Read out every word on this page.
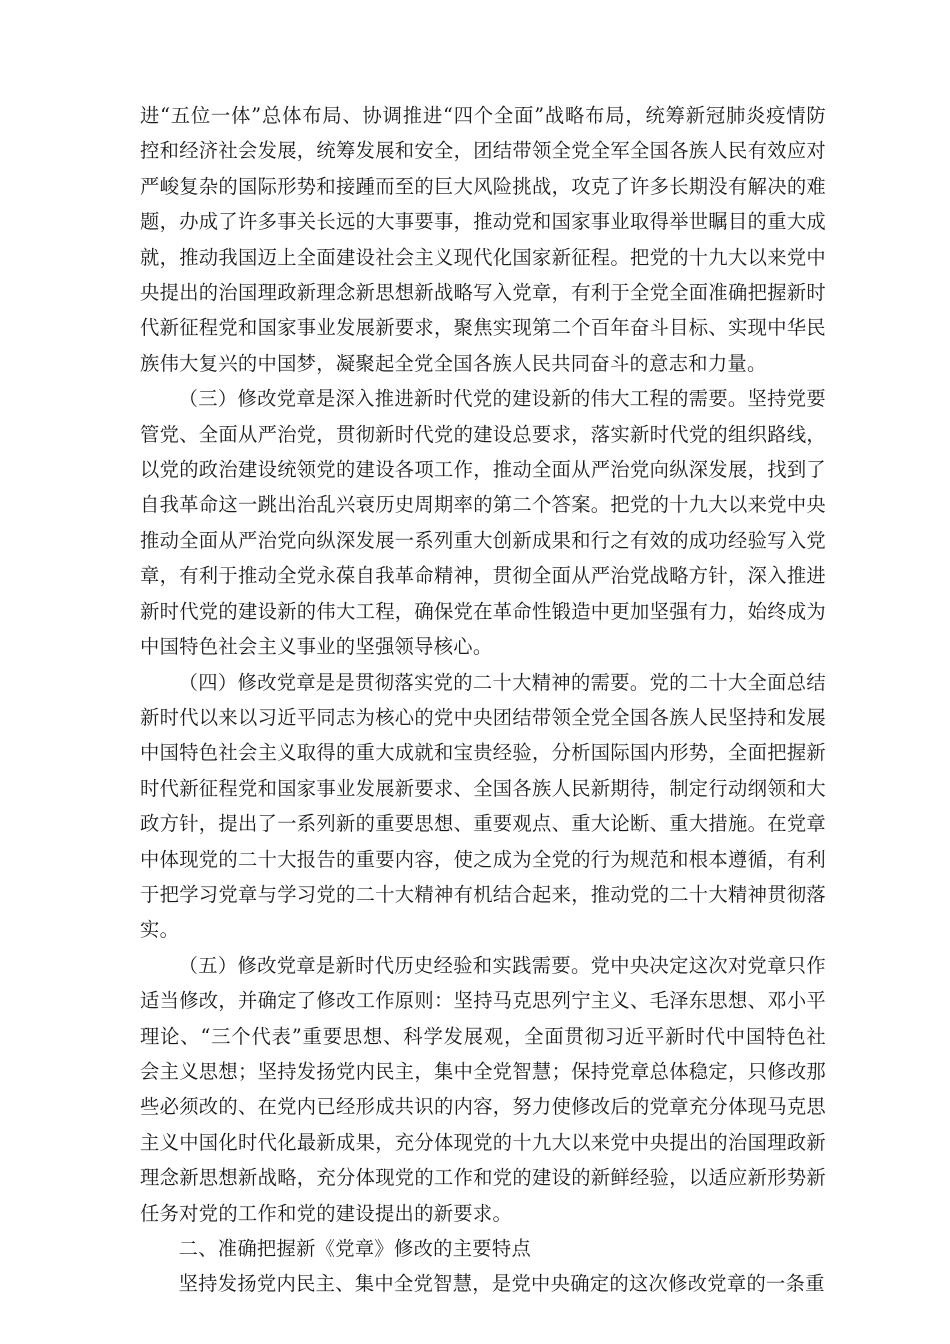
进“五位一体”总体布局、协调推进“四个全面”战略布局，统筹新冠肺炎疫情防控和经济社会发展，统筹发展和安全，团结带领全党全军全国各族人民有效应对严峻复杂的国际形势和接踵而至的巨大风险挑战，攻克了许多长期没有解决的难题，办成了许多事关长远的大事要事，推动党和国家事业取得举世瞩目的重大成就，推动我国迈上全面建设社会主义现代化国家新征程。把党的十九大以来党中央提出的治国理政新理念新思想新战略写入党章，有利于全党全面准确把握新时代新征程党和国家事业发展新要求，聚焦实现第二个百年奋斗目标、实现中华民族伟大复兴的中国梦，凝聚起全党全国各族人民共同奋斗的意志和力量。

（三）修改党章是深入推进新时代党的建设新的伟大工程的需要。坚持党要管党、全面从严治党，贯彻新时代党的建设总要求，落实新时代党的组织路线，以党的政治建设统领党的建设各项工作，推动全面从严治党向纵深发展，找到了自我革命这一跳出治乱兴衰历史周期率的第二个答案。把党的十九大以来党中央推动全面从严治党向纵深发展一系列重大创新成果和行之有效的成功经验写入党章，有利于推动全党永葆自我革命精神，贯彻全面从严治党战略方针，深入推进新时代党的建设新的伟大工程，确保党在革命性锻造中更加坚强有力，始终成为中国特色社会主义事业的坚强领导核心。

（四）修改党章是是贯彻落实党的二十大精神的需要。党的二十大全面总结新时代以来以习近平同志为核心的党中央团结带领全党全国各族人民坚持和发展中国特色社会主义取得的重大成就和宝贵经验，分析国际国内形势，全面把握新时代新征程党和国家事业发展新要求、全国各族人民新期待，制定行动纲领和大政方针，提出了一系列新的重要思想、重要观点、重大论断、重大措施。在党章中体现党的二十大报告的重要内容，使之成为全党的行为规范和根本遵循，有利于把学习党章与学习党的二十大精神有机结合起来，推动党的二十大精神贯彻落实。

（五）修改党章是新时代历史经验和实践需要。党中央决定这次对党章只作适当修改，并确定了修改工作原则：坚持马克思列宁主义、毛泽东思想、邓小平理论、“三个代表”重要思想、科学发展观，全面贯彻习近平新时代中国特色社会主义思想；坚持发扬党内民主，集中全党智慧；保持党章总体稳定，只修改那些必须改的、在党内已经形成共识的内容，努力使修改后的党章充分体现马克思主义中国化时代化最新成果，充分体现党的十九大以来党中央提出的治国理政新理念新思想新战略，充分体现党的工作和党的建设的新鲜经验，以适应新形势新任务对党的工作和党的建设提出的新要求。

二、准确把握新《党章》修改的主要特点

坚持发扬党内民主、集中全党智慧，是党中央确定的这次修改党章的一条重
